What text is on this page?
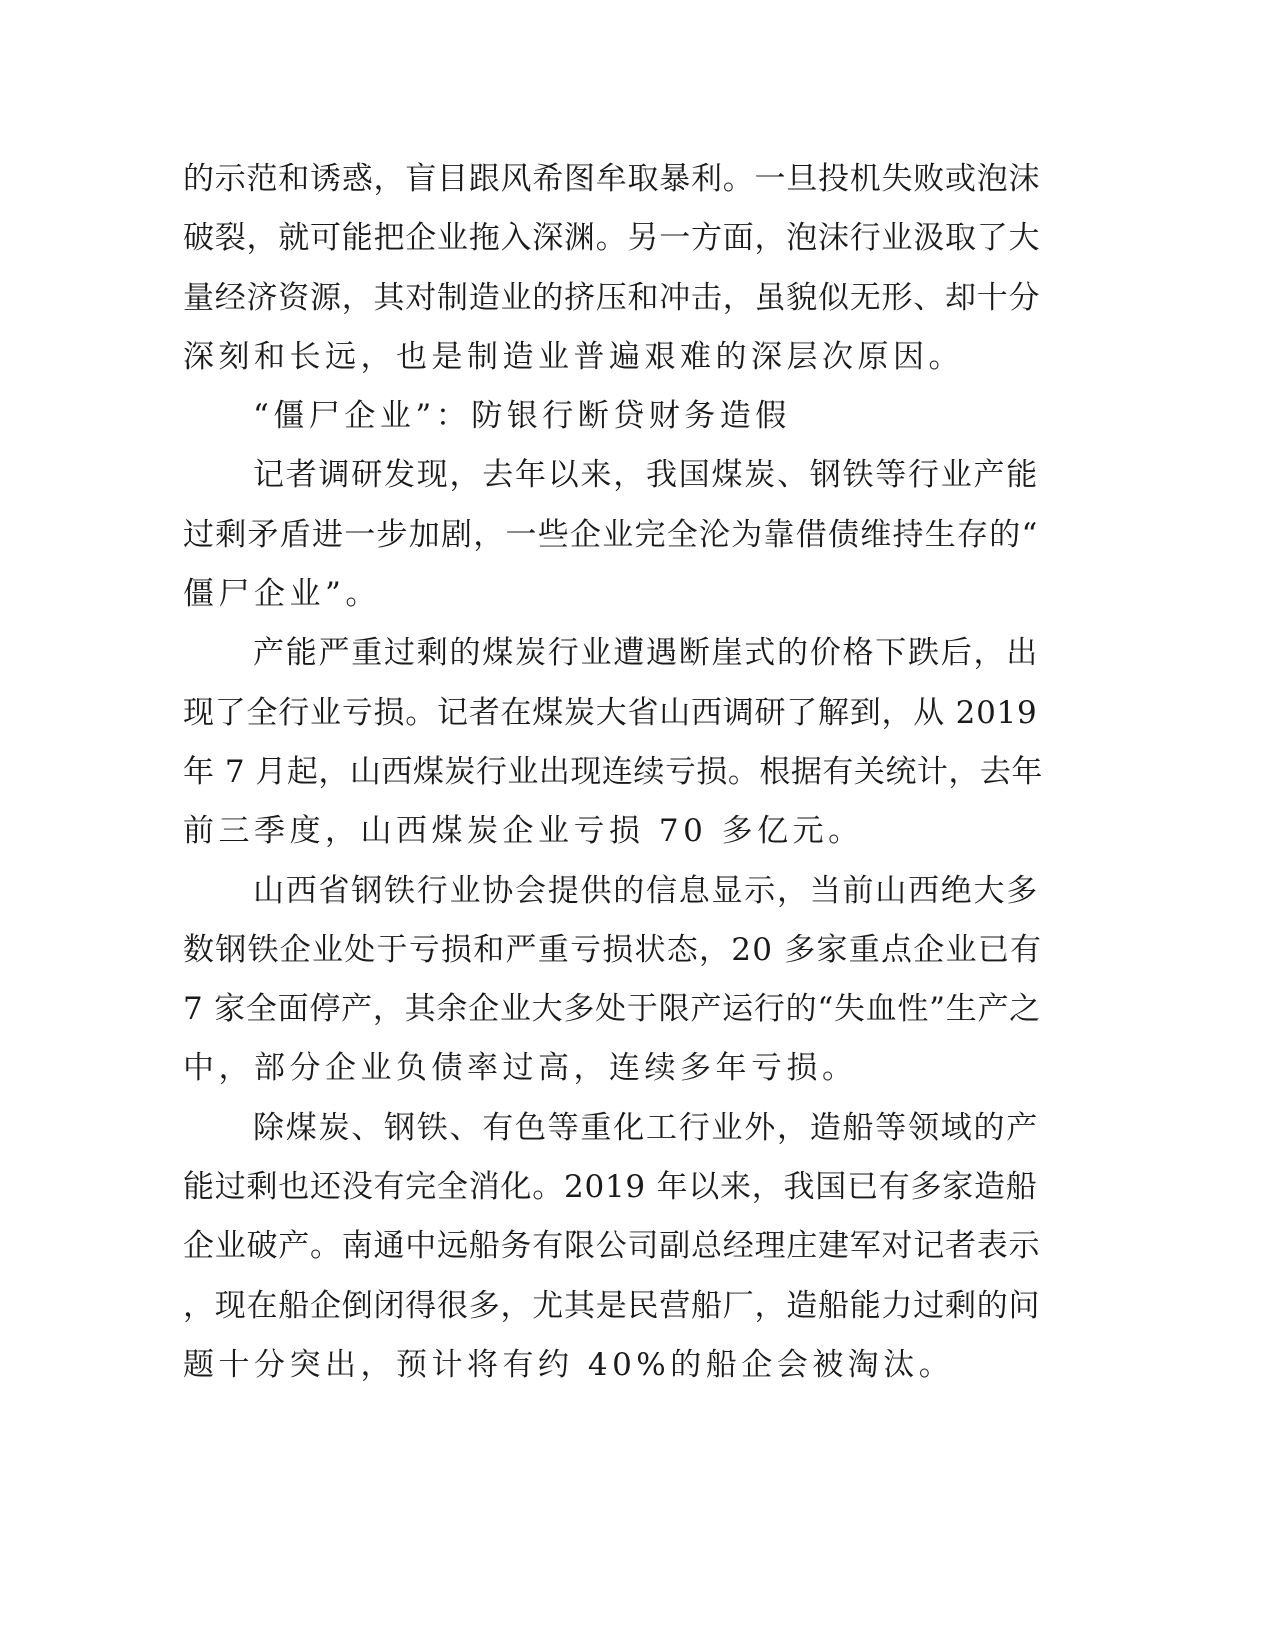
的示范和诱惑，盲目跟风希图牟取暴利。一旦投机失败或泡沫
破裂，就可能把企业拖入深渊。另一方面，泡沫行业汲取了大
量经济资源，其对制造业的挤压和冲击，虽貌似无形、却十分
深刻和长远，也是制造业普遍艰难的深层次原因。
“僵尸企业”：防银行断贷财务造假
记者调研发现，去年以来，我国煤炭、钢铁等行业产能
过剩矛盾进一步加剧，一些企业完全沦为靠借债维持生存的“
僵尸企业”。
产能严重过剩的煤炭行业遭遇断崖式的价格下跌后，出
现了全行业亏损。记者在煤炭大省山西调研了解到，从 2019
年 7 月起，山西煤炭行业出现连续亏损。根据有关统计，去年
前三季度，山西煤炭企业亏损 70 多亿元。
山西省钢铁行业协会提供的信息显示，当前山西绝大多
数钢铁企业处于亏损和严重亏损状态，20 多家重点企业已有
7 家全面停产，其余企业大多处于限产运行的“失血性”生产之
中，部分企业负债率过高，连续多年亏损。
除煤炭、钢铁、有色等重化工行业外，造船等领域的产
能过剩也还没有完全消化。2019 年以来，我国已有多家造船
企业破产。南通中远船务有限公司副总经理庄建军对记者表示
，现在船企倒闭得很多，尤其是民营船厂，造船能力过剩的问
题十分突出，预计将有约 40%的船企会被淘汰。
